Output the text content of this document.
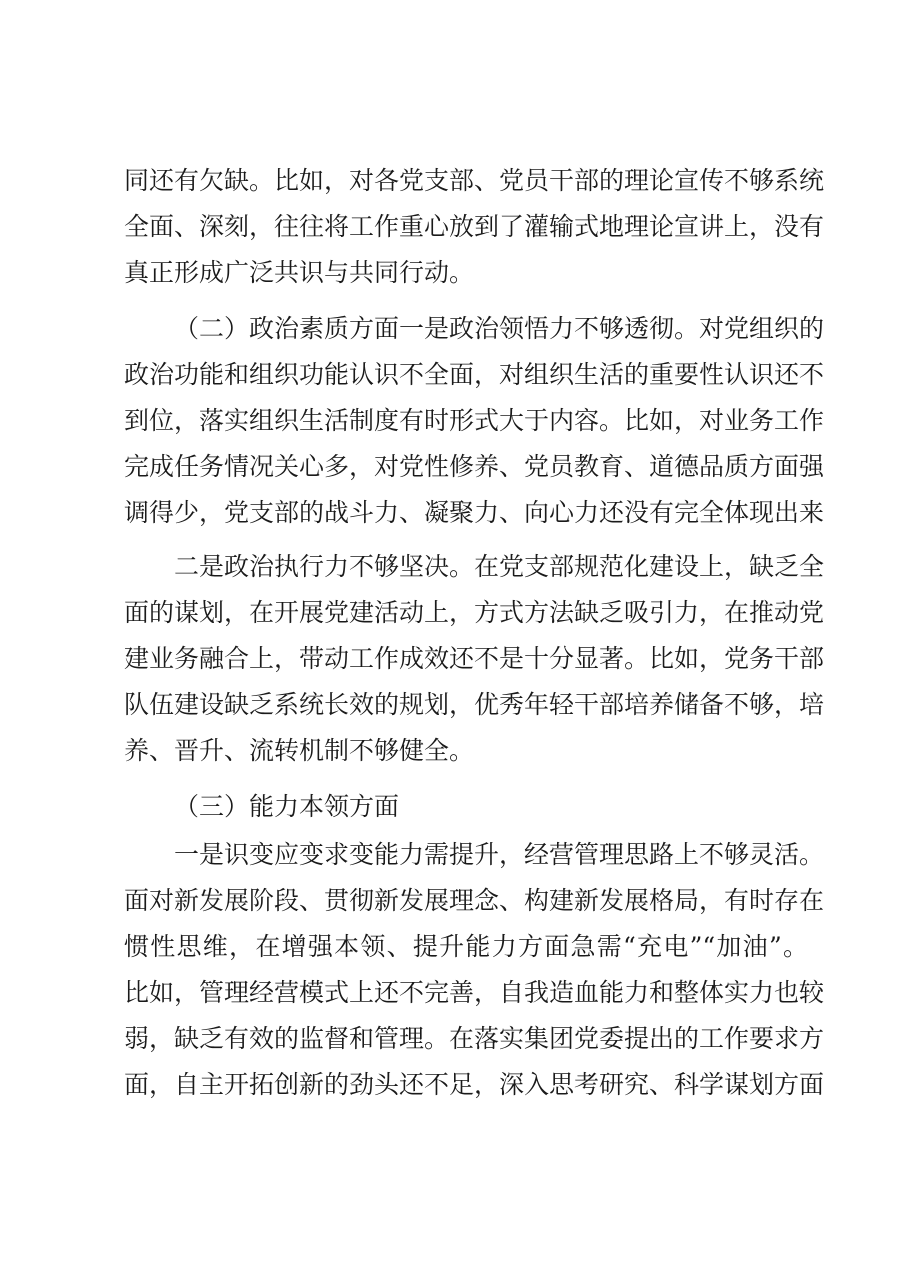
同还有欠缺。比如，对各党支部、党员干部的理论宣传不够系统
全面、深刻，往往将工作重心放到了灌输式地理论宣讲上，没有
真正形成广泛共识与共同行动。
（二）政治素质方面一是政治领悟力不够透彻。对党组织的
政治功能和组织功能认识不全面，对组织生活的重要性认识还不
到位，落实组织生活制度有时形式大于内容。比如，对业务工作
完成任务情况关心多，对党性修养、党员教育、道德品质方面强
调得少，党支部的战斗力、凝聚力、向心力还没有完全体现出来
二是政治执行力不够坚决。在党支部规范化建设上，缺乏全
面的谋划，在开展党建活动上，方式方法缺乏吸引力，在推动党
建业务融合上，带动工作成效还不是十分显著。比如，党务干部
队伍建设缺乏系统长效的规划，优秀年轻干部培养储备不够，培
养、晋升、流转机制不够健全。
（三）能力本领方面
一是识变应变求变能力需提升，经营管理思路上不够灵活。
面对新发展阶段、贯彻新发展理念、构建新发展格局，有时存在
惯性思维，在增强本领、提升能力方面急需“充电”“加油”。
比如，管理经营模式上还不完善，自我造血能力和整体实力也较
弱，缺乏有效的监督和管理。在落实集团党委提出的工作要求方
面，自主开拓创新的劲头还不足，深入思考研究、科学谋划方面
